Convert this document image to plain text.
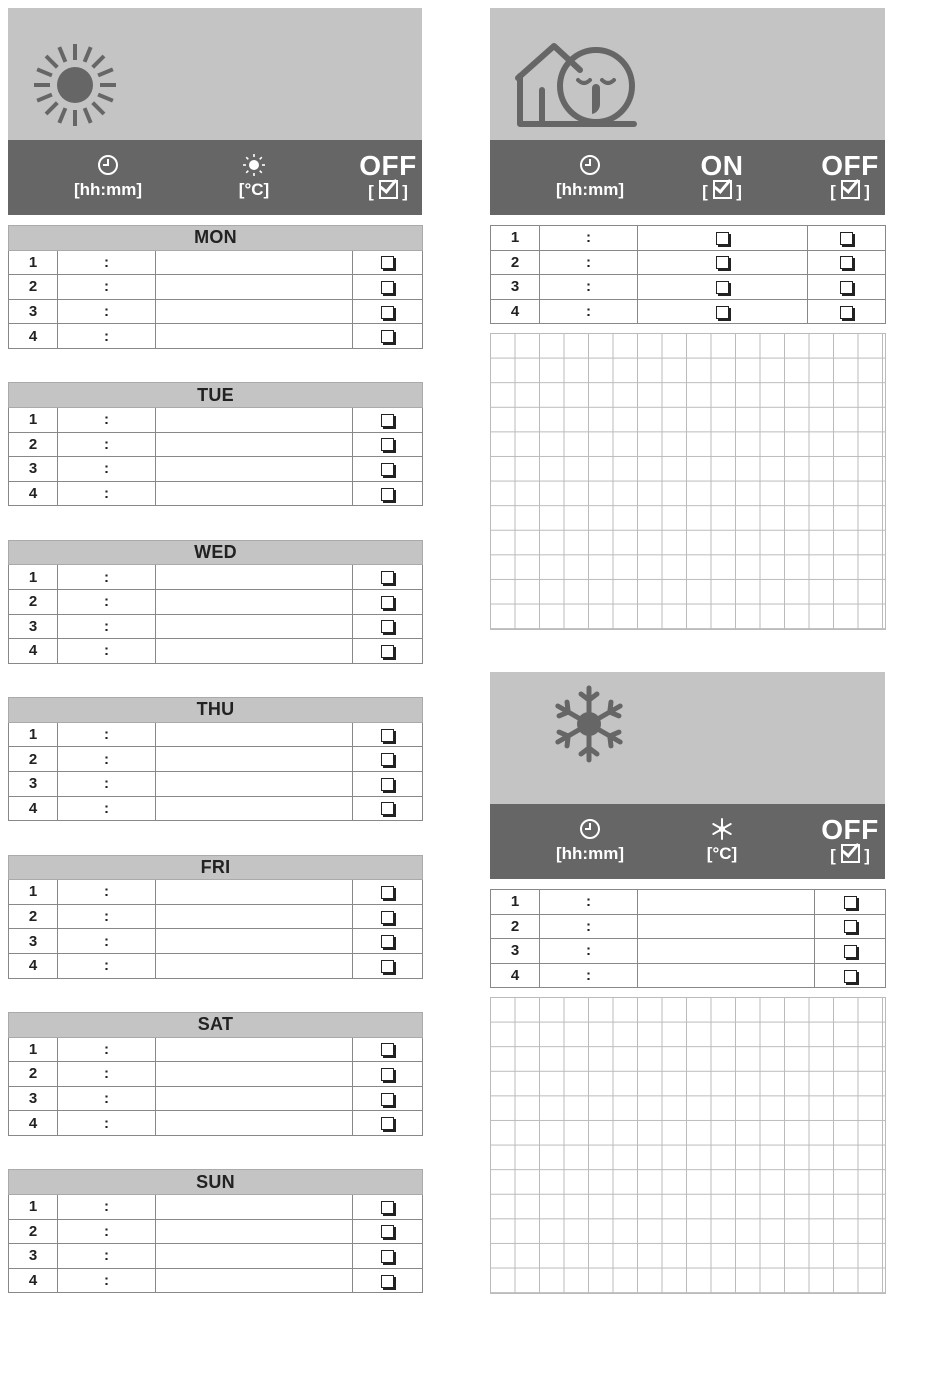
[hh:mm]	[°C]
OFF
[ ]
MON			
1	:		
2	:		
3	:		
4	:		
TUE			
1	:		
2	:		
3	:		
4	:		
WED			
1	:		
2	:		
3	:		
4	:		
THU			
1	:		
2	:		
3	:		
4	:		
FRI			
1	:		
2	:		
3	:		
4	:		
SAT			
1	:		
2	:		
3	:		
4	:		
SUN			
1	:		
2	:		
3	:		
4	:		
[hh:mm]
ON
[ ]
OFF
[ ]
1	:		
2	:		
3	:		
4	:		
[hh:mm]	[°C]
OFF
[ ]
1	:		
2	:		
3	:		
4	:		
